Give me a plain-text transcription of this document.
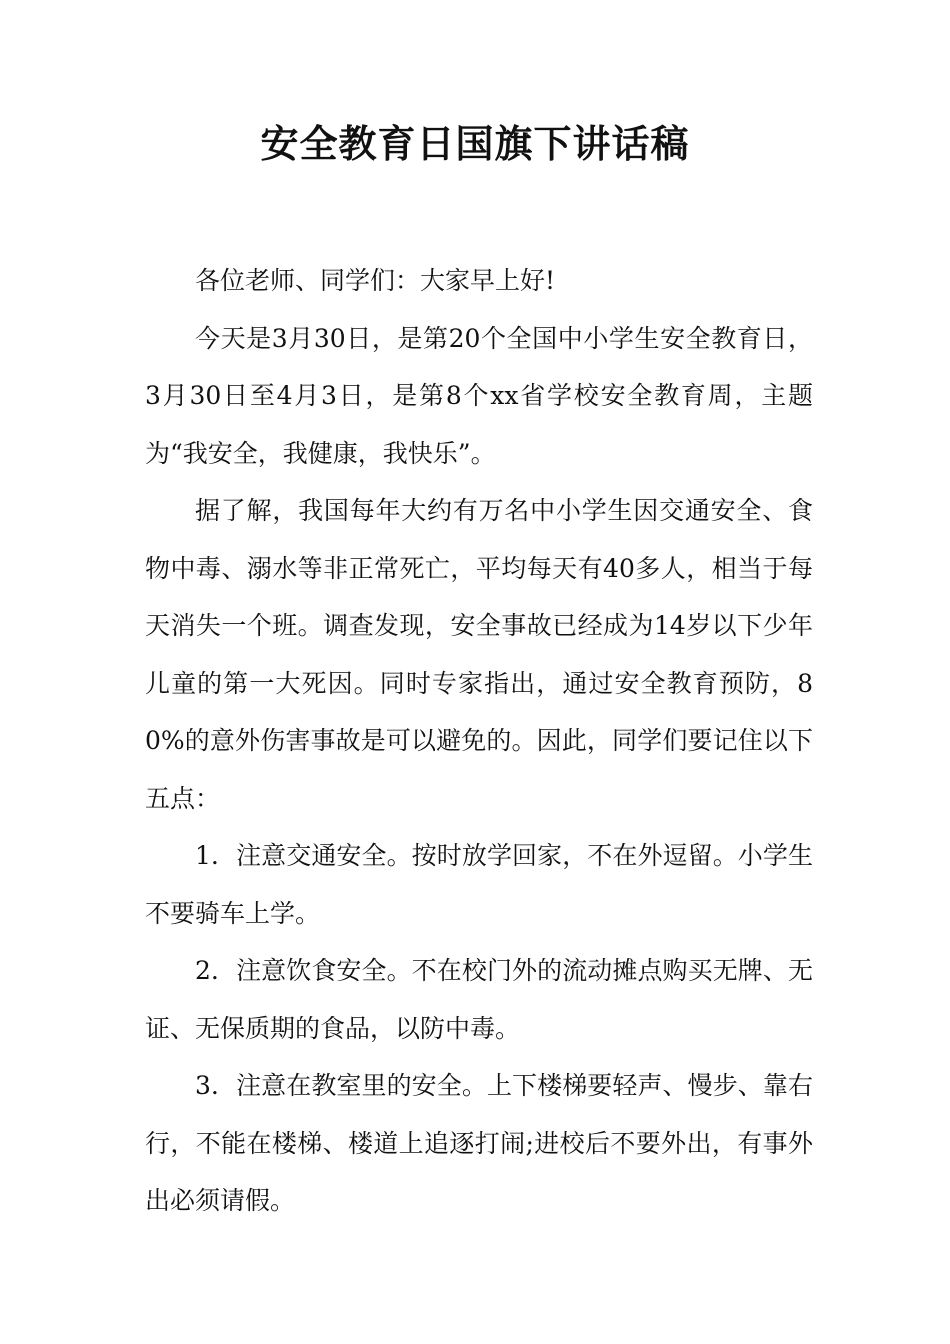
安全教育日国旗下讲话稿

各位老师、同学们：大家早上好!

今天是3月30日，是第20个全国中小学生安全教育日，3月30日至4月3日，是第8个xx省学校安全教育周，主题为“我安全，我健康，我快乐”。

据了解，我国每年大约有万名中小学生因交通安全、食物中毒、溺水等非正常死亡，平均每天有40多人，相当于每天消失一个班。调查发现，安全事故已经成为14岁以下少年儿童的第一大死因。同时专家指出，通过安全教育预防，80%的意外伤害事故是可以避免的。因此，同学们要记住以下五点：

1．注意交通安全。按时放学回家，不在外逗留。小学生不要骑车上学。

2．注意饮食安全。不在校门外的流动摊点购买无牌、无证、无保质期的食品，以防中毒。

3．注意在教室里的安全。上下楼梯要轻声、慢步、靠右行，不能在楼梯、楼道上追逐打闹;进校后不要外出，有事外出必须请假。
